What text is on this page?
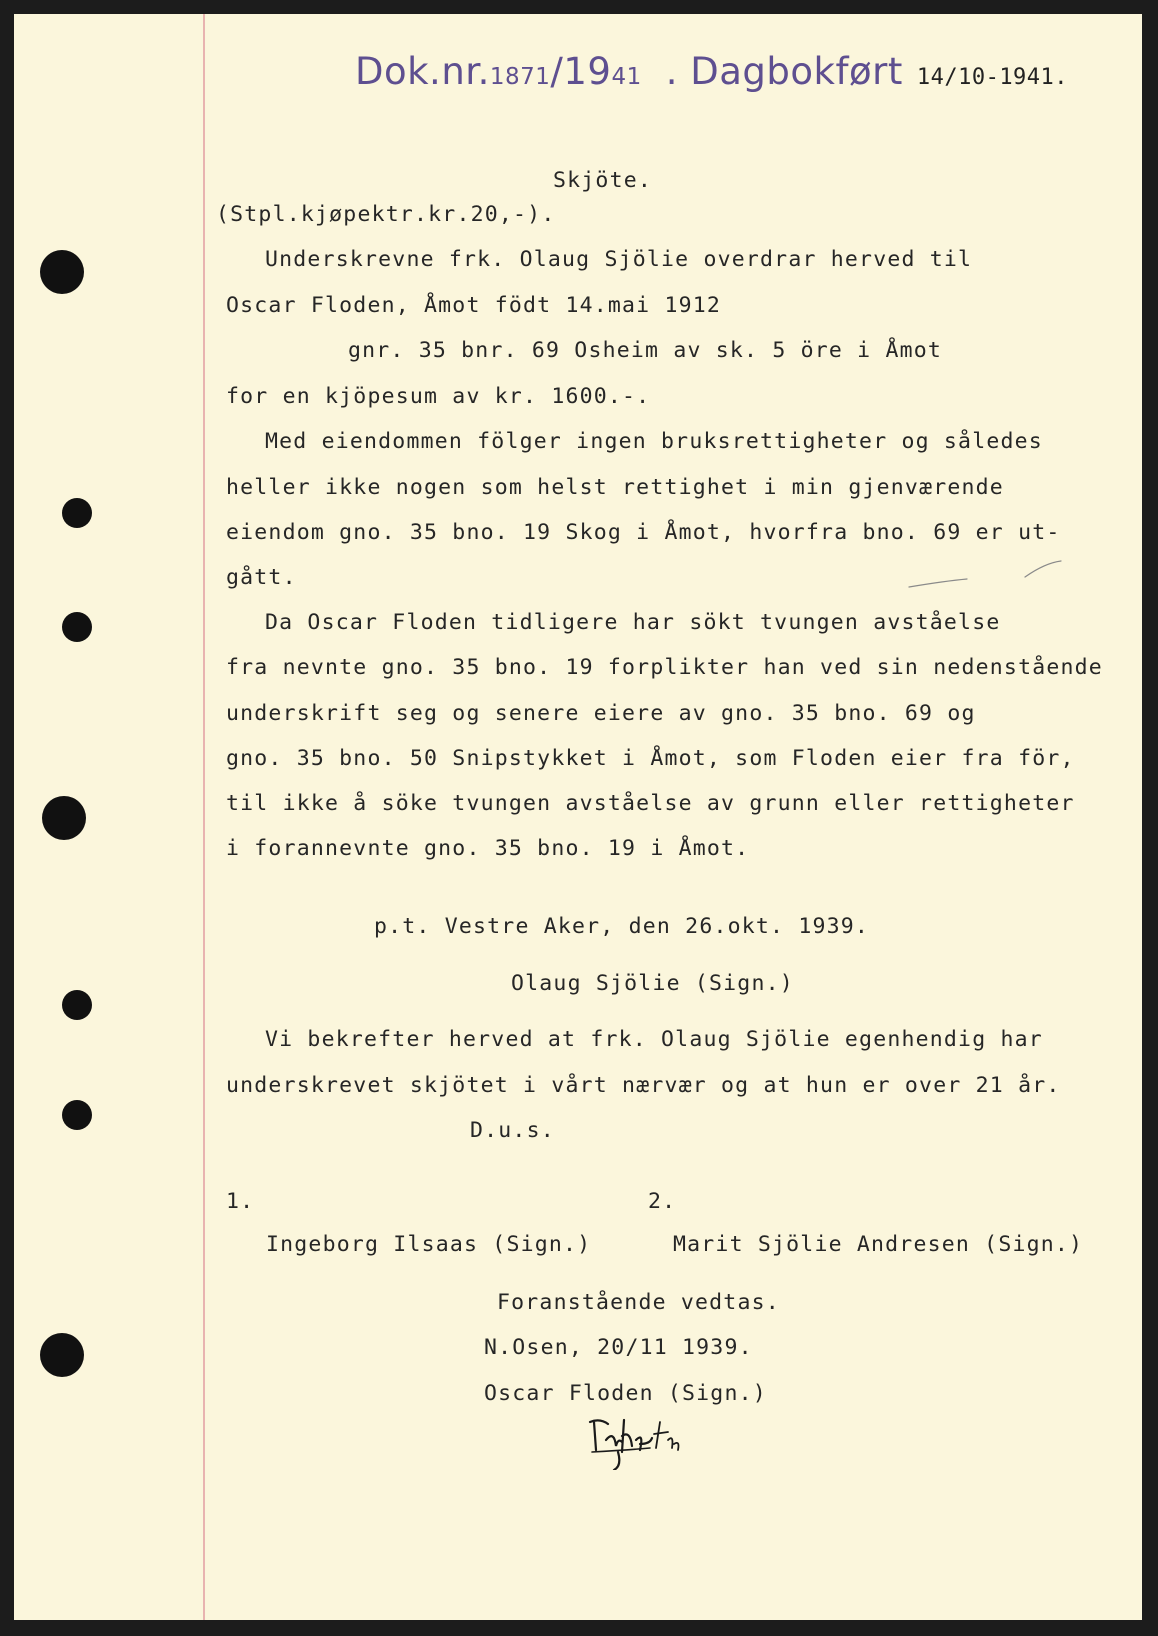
Dok.nr.1871/1941 . Dagbokført 14/10-1941.
Skjöte.
(Stpl.kjøpektr.kr.20,-).
Underskrevne frk. Olaug Sjölie overdrar herved til
Oscar Floden, Åmot födt 14.mai 1912
gnr. 35 bnr. 69 Osheim av sk. 5 öre i Åmot
for en kjöpesum av kr. 1600.-.
Med eiendommen fölger ingen bruksrettigheter og således
heller ikke nogen som helst rettighet i min gjenværende
eiendom gno. 35 bno. 19 Skog i Åmot, hvorfra bno. 69 er ut-
gått.
Da Oscar Floden tidligere har sökt tvungen avståelse
fra nevnte gno. 35 bno. 19 forplikter han ved sin nedenstående
underskrift seg og senere eiere av gno. 35 bno. 69 og
gno. 35 bno. 50 Snipstykket i Åmot, som Floden eier fra för,
til ikke å söke tvungen avståelse av grunn eller rettigheter
i forannevnte gno. 35 bno. 19 i Åmot.
p.t. Vestre Aker, den 26.okt. 1939.
Olaug Sjölie (Sign.)
Vi bekrefter herved at frk. Olaug Sjölie egenhendig har
underskrevet skjötet i vårt nærvær og at hun er over 21 år.
D.u.s.
1.	2.
Ingeborg Ilsaas (Sign.)	Marit Sjölie Andresen (Sign.)
Foranstående vedtas.
N.Osen, 20/11 1939.
Oscar Floden (Sign.)
